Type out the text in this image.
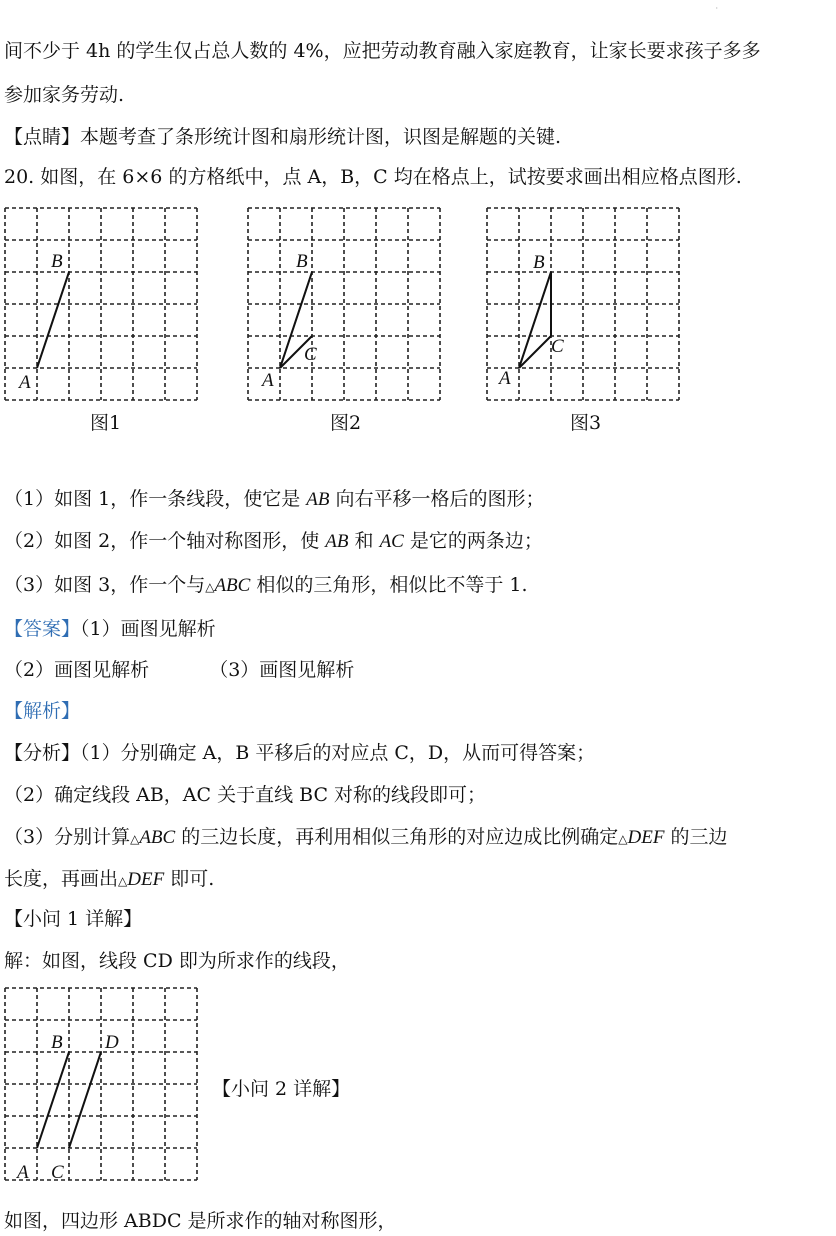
·
间不少于 4h 的学生仅占总人数的 4%，应把劳动教育融入家庭教育，让家长要求孩子多多
参加家务劳动.
【点睛】本题考查了条形统计图和扇形统计图，识图是解题的关键.
20. 如图，在 6×6 的方格纸中，点 A，B，C 均在格点上，试按要求画出相应格点图形.
B
A
B
C
A
B
C
A
图1	图2	图3
（1）如图 1，作一条线段，使它是 AB 向右平移一格后的图形；
（2）如图 2，作一个轴对称图形，使 AB 和 AC 是它的两条边；
（3）如图 3，作一个与△ABC 相似的三角形，相似比不等于 1.
【答案】（1）画图见解析
（2）画图见解析	（3）画图见解析
【解析】
【分析】（1）分别确定 A，B 平移后的对应点 C，D，从而可得答案；
（2）确定线段 AB，AC 关于直线 BC 对称的线段即可；
（3）分别计算△ABC 的三边长度，再利用相似三角形的对应边成比例确定△DEF 的三边
长度，再画出△DEF 即可.
【小问 1 详解】
解：如图，线段 CD 即为所求作的线段，
B D
A C
【小问 2 详解】
如图，四边形 ABDC 是所求作的轴对称图形，
